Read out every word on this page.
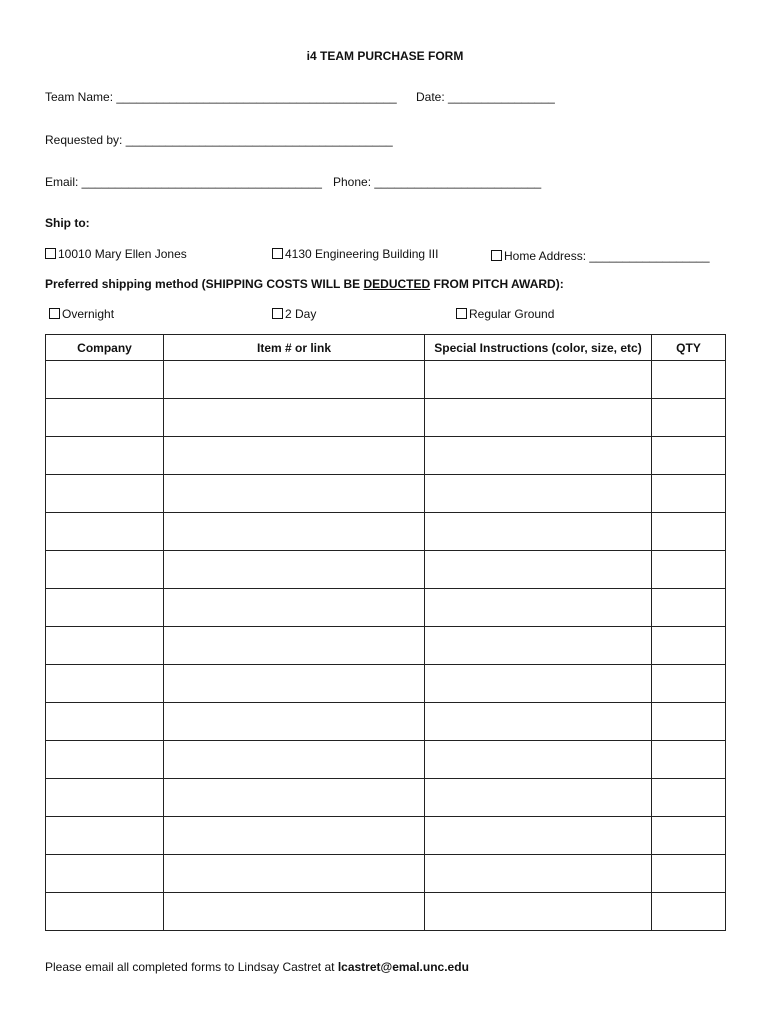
i4 TEAM PURCHASE FORM
Team Name: __________________________________________ Date: ________________
Requested by: ________________________________________
Email: ____________________________________ Phone: _________________________
Ship to:
10010 Mary Ellen Jones	4130 Engineering Building III	Home Address: __________________
Preferred shipping method (SHIPPING COSTS WILL BE DEDUCTED FROM PITCH AWARD):
Overnight	2 Day	Regular Ground
Company	Item # or link	Special Instructions (color, size, etc)	QTY

Please email all completed forms to Lindsay Castret at lcastret@emal.unc.edu
